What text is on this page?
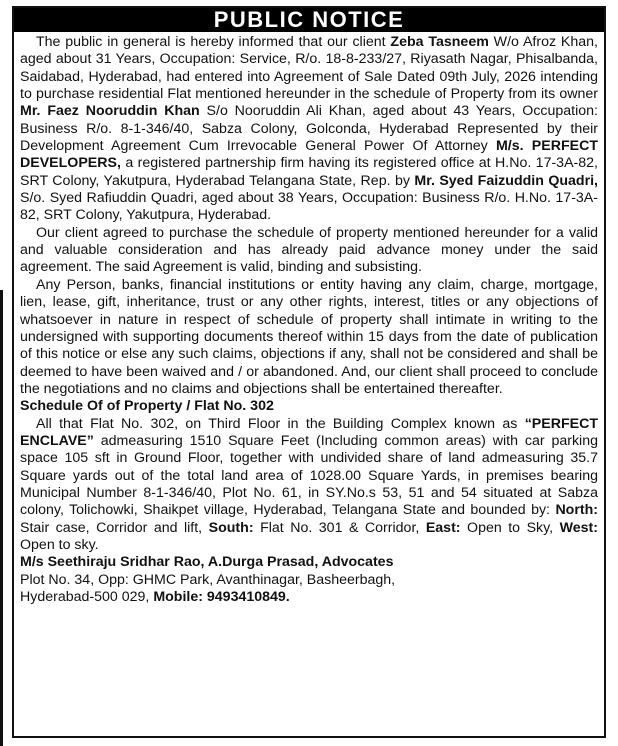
PUBLIC NOTICE

The public in general is hereby informed that our client Zeba Tasneem W/o Afroz Khan, aged about 31 Years, Occupation: Service, R/o. 18-8-233/27, Riyasath Nagar, Phisalbanda, Saidabad, Hyderabad, had entered into Agreement of Sale Dated 09th July, 2026 intending to purchase residential Flat mentioned hereunder in the schedule of Property from its owner Mr. Faez Nooruddin Khan S/o Nooruddin Ali Khan, aged about 43 Years, Occupation: Business R/o. 8-1-346/40, Sabza Colony, Golconda, Hyderabad Represented by their Development Agreement Cum Irrevocable General Power Of Attorney M/s. PERFECT DEVELOPERS, a registered partnership firm having its registered office at H.No. 17-3A-82, SRT Colony, Yakutpura, Hyderabad Telangana State, Rep. by Mr. Syed Faizuddin Quadri, S/o. Syed Rafiuddin Quadri, aged about 38 Years, Occupation: Business R/o. H.No. 17-3A-82, SRT Colony, Yakutpura, Hyderabad.

Our client agreed to purchase the schedule of property mentioned hereunder for a valid and valuable consideration and has already paid advance money under the said agreement. The said Agreement is valid, binding and subsisting.

Any Person, banks, financial institutions or entity having any claim, charge, mortgage, lien, lease, gift, inheritance, trust or any other rights, interest, titles or any objections of whatsoever in nature in respect of schedule of property shall intimate in writing to the undersigned with supporting documents thereof within 15 days from the date of publication of this notice or else any such claims, objections if any, shall not be considered and shall be deemed to have been waived and / or abandoned. And, our client shall proceed to conclude the negotiations and no claims and objections shall be entertained thereafter.

Schedule Of of Property / Flat No. 302

All that Flat No. 302, on Third Floor in the Building Complex known as “PERFECT ENCLAVE” admeasuring 1510 Square Feet (Including common areas) with car parking space 105 sft in Ground Floor, together with undivided share of land admeasuring 35.7 Square yards out of the total land area of 1028.00 Square Yards, in premises bearing Municipal Number 8-1-346/40, Plot No. 61, in SY.No.s 53, 51 and 54 situated at Sabza colony, Tolichowki, Shaikpet village, Hyderabad, Telangana State and bounded by: North: Stair case, Corridor and lift, South: Flat No. 301 & Corridor, East: Open to Sky, West: Open to sky.

M/s Seethiraju Sridhar Rao, A.Durga Prasad, Advocates

Plot No. 34, Opp: GHMC Park, Avanthinagar, Basheerbagh,

Hyderabad-500 029, Mobile: 9493410849.
